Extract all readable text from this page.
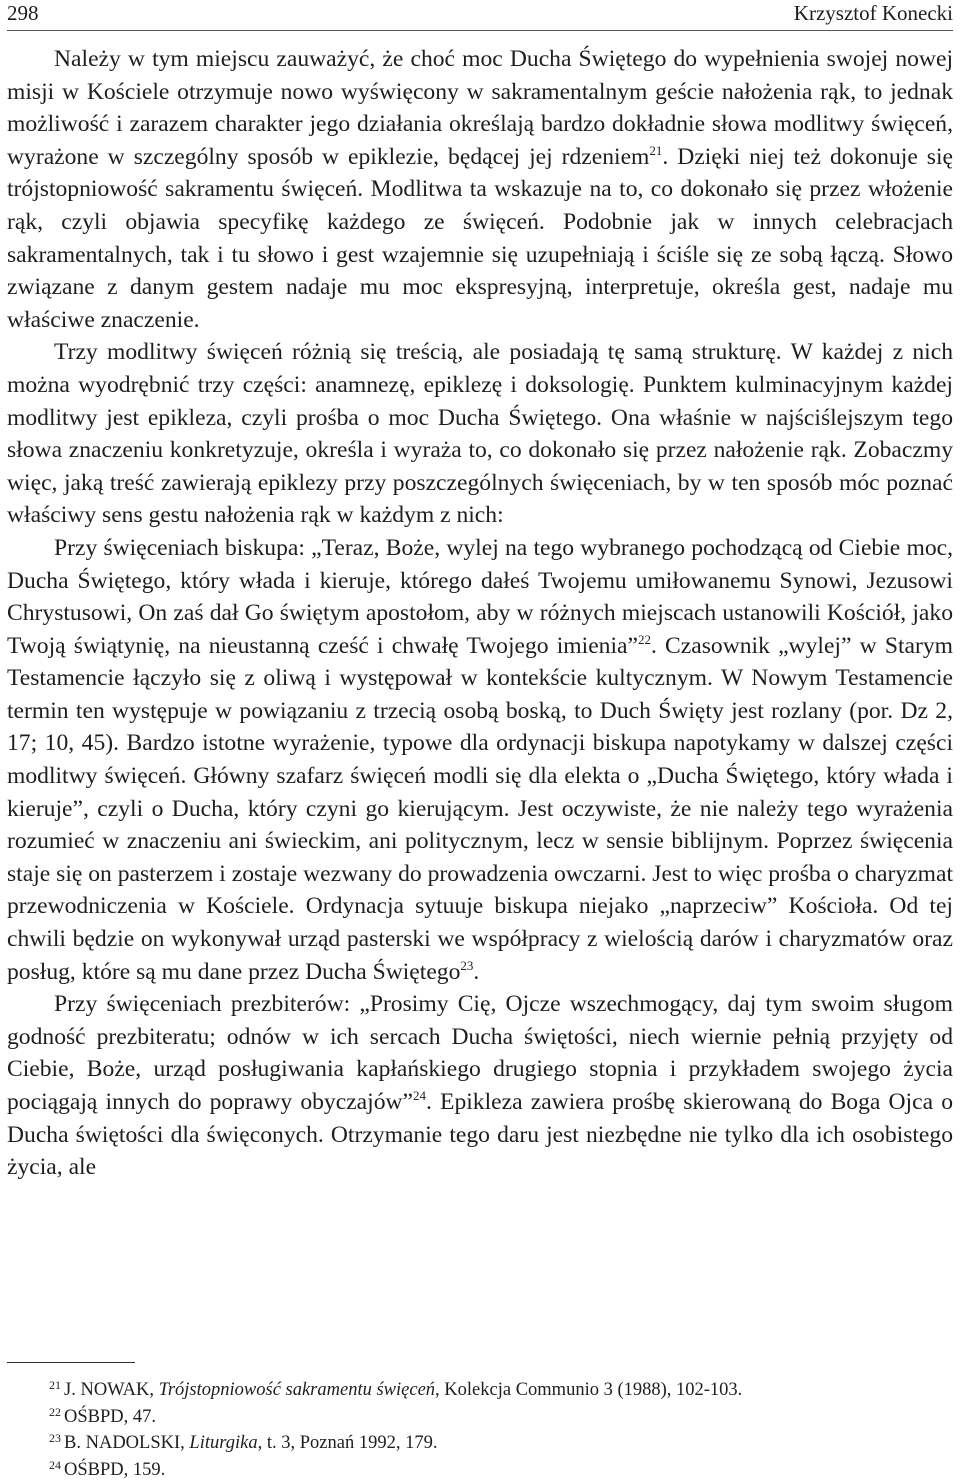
298	Krzysztof Konecki

Należy w tym miejscu zauważyć, że choć moc Ducha Świętego do wypełnienia swojej nowej misji w Kościele otrzymuje nowo wyświęcony w sakramentalnym geście nałożenia rąk, to jednak możliwość i zarazem charakter jego działania określają bardzo dokładnie słowa modlitwy święceń, wyrażone w szczególny sposób w epiklezie, będącej jej rdzeniem$^{21}$. Dzięki niej też dokonuje się trójstopniowość sakramentu święceń. Modlitwa ta wskazuje na to, co dokonało się przez włożenie rąk, czyli objawia specyfikę każdego ze święceń. Podobnie jak w innych celebracjach sakramentalnych, tak i tu słowo i gest wzajemnie się uzupełniają i ściśle się ze sobą łączą. Słowo związane z danym gestem nadaje mu moc ekspresyjną, interpretuje, określa gest, nadaje mu właściwe znaczenie.

Trzy modlitwy święceń różnią się treścią, ale posiadają tę samą strukturę. W każdej z nich można wyodrębnić trzy części: anamnezę, epiklezę i doksologię. Punktem kulminacyjnym każdej modlitwy jest epikleza, czyli prośba o moc Ducha Świętego. Ona właśnie w najściślejszym tego słowa znaczeniu konkretyzuje, określa i wyraża to, co dokonało się przez nałożenie rąk. Zobaczmy więc, jaką treść zawierają epiklezy przy poszczególnych święceniach, by w ten sposób móc poznać właściwy sens gestu nałożenia rąk w każdym z nich:

Przy święceniach biskupa: „Teraz, Boże, wylej na tego wybranego pochodzącą od Ciebie moc, Ducha Świętego, który włada i kieruje, którego dałeś Twojemu umiłowanemu Synowi, Jezusowi Chrystusowi, On zaś dał Go świętym apostołom, aby w różnych miejscach ustanowili Kościół, jako Twoją świątynię, na nieustanną cześć i chwałę Twojego imienia”$^{22}$. Czasownik „wylej” w Starym Testamencie łączyło się z oliwą i występował w kontekście kultycznym. W Nowym Testamencie termin ten występuje w powiązaniu z trzecią osobą boską, to Duch Święty jest rozlany (por. Dz 2, 17; 10, 45). Bardzo istotne wyrażenie, typowe dla ordynacji biskupa napotykamy w dalszej części modlitwy święceń. Główny szafarz święceń modli się dla elekta o „Ducha Świętego, który włada i kieruje”, czyli o Ducha, który czyni go kierującym. Jest oczywiste, że nie należy tego wyrażenia rozumieć w znaczeniu ani świeckim, ani politycznym, lecz w sensie biblijnym. Poprzez święcenia staje się on pasterzem i zostaje wezwany do prowadzenia owczarni. Jest to więc prośba o charyzmat przewodniczenia w Kościele. Ordynacja sytuuje biskupa niejako „naprzeciw” Kościoła. Od tej chwili będzie on wykonywał urząd pasterski we współpracy z wielością darów i charyzmatów oraz posług, które są mu dane przez Ducha Świętego$^{23}$.

Przy święceniach prezbiterów: „Prosimy Cię, Ojcze wszechmogący, daj tym swoim sługom godność prezbiteratu; odnów w ich sercach Ducha świętości, niech wiernie pełnią przyjęty od Ciebie, Boże, urząd posługiwania kapłańskiego drugiego stopnia i przykładem swojego życia pociągają innych do poprawy obyczajów”$^{24}$. Epikleza zawiera prośbę skierowaną do Boga Ojca o Ducha świętości dla święconych. Otrzymanie tego daru jest niezbędne nie tylko dla ich osobistego życia, ale

$^{21}$ J. NOWAK, Trójstopniowość sakramentu święceń, Kolekcja Communio 3 (1988), 102-103.
$^{22}$ OŚBPD, 47.
$^{23}$ B. NADOLSKI, Liturgika, t. 3, Poznań 1992, 179.
$^{24}$ OŚBPD, 159.
